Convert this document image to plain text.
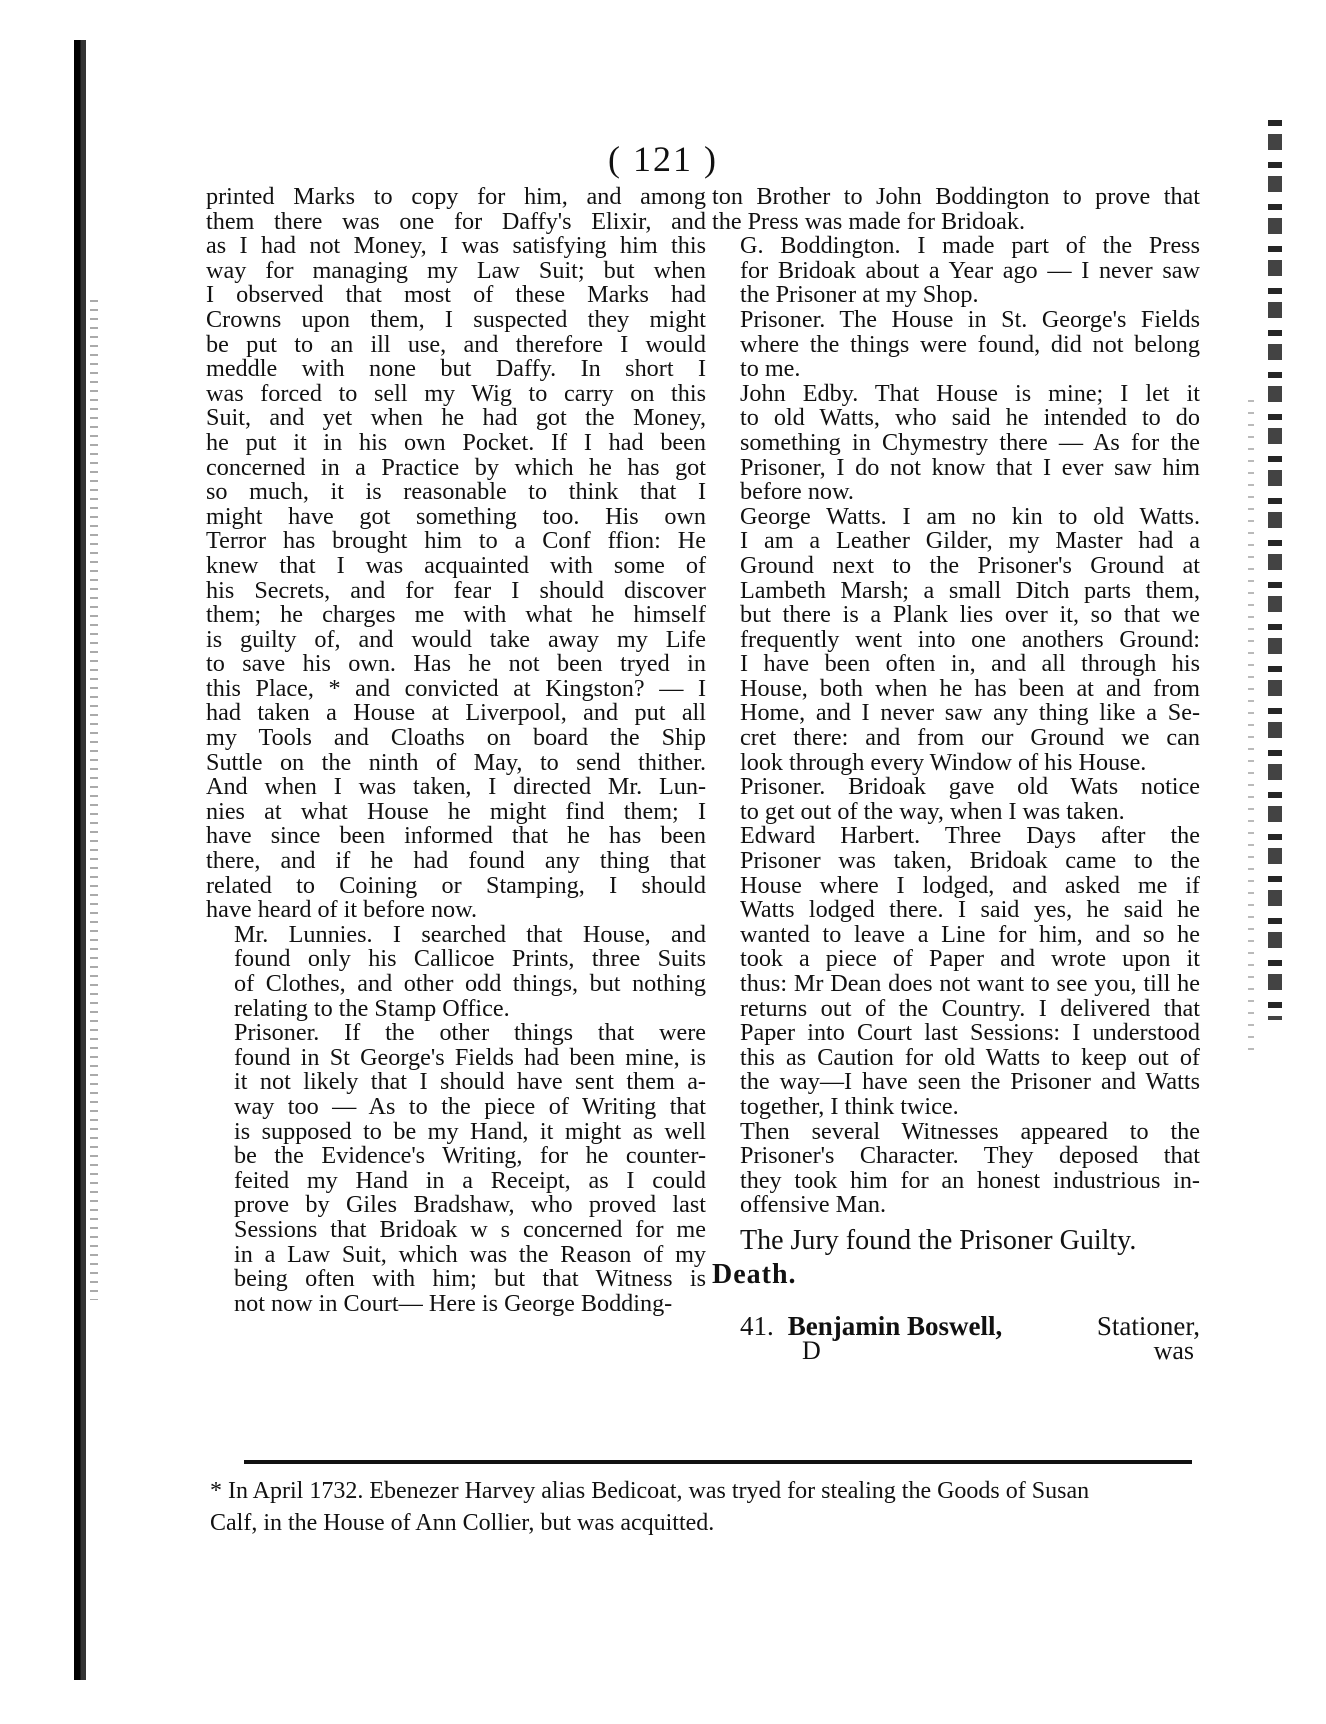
( 121 )

printed Marks to copy for him, and among
them there was one for Daffy's Elixir, and
as I had not Money, I was satisfying him this
way for managing my Law Suit; but when
I observed that most of these Marks had
Crowns upon them, I suspected they might
be put to an ill use, and therefore I would
meddle with none but Daffy. In short I
was forced to sell my Wig to carry on this
Suit, and yet when he had got the Money,
he put it in his own Pocket. If I had been
concerned in a Practice by which he has got
so much, it is reasonable to think that I
might have got something too. His own
Terror has brought him to a Conf ffion: He
knew that I was acquainted with some of
his Secrets, and for fear I should discover
them; he charges me with what he himself
is guilty of, and would take away my Life
to save his own. Has he not been tryed in
this Place, * and convicted at Kingston? — I
had taken a House at Liverpool, and put all
my Tools and Cloaths on board the Ship
Suttle on the ninth of May, to send thither.
And when I was taken, I directed Mr. Lun-
nies at what House he might find them; I
have since been informed that he has been
there, and if he had found any thing that
related to Coining or Stamping, I should
have heard of it before now.

Mr. Lunnies. I searched that House, and
found only his Callicoe Prints, three Suits
of Clothes, and other odd things, but nothing
relating to the Stamp Office.

Prisoner. If the other things that were
found in St George's Fields had been mine, is
it not likely that I should have sent them a-
way too — As to the piece of Writing that
is supposed to be my Hand, it might as well
be the Evidence's Writing, for he counter-
feited my Hand in a Receipt, as I could
prove by Giles Bradshaw, who proved last
Sessions that Bridoak w s concerned for me
in a Law Suit, which was the Reason of my
being often with him; but that Witness is
not now in Court— Here is George Bodding-

ton Brother to John Boddington to prove that
the Press was made for Bridoak.

G. Boddington. I made part of the Press
for Bridoak about a Year ago — I never saw
the Prisoner at my Shop.

Prisoner. The House in St. George's Fields
where the things were found, did not belong
to me.

John Edby. That House is mine; I let it
to old Watts, who said he intended to do
something in Chymestry there — As for the
Prisoner, I do not know that I ever saw him
before now.

George Watts. I am no kin to old Watts.
I am a Leather Gilder, my Master had a
Ground next to the Prisoner's Ground at
Lambeth Marsh; a small Ditch parts them,
but there is a Plank lies over it, so that we
frequently went into one anothers Ground:
I have been often in, and all through his
House, both when he has been at and from
Home, and I never saw any thing like a Se-
cret there: and from our Ground we can
look through every Window of his House.

Prisoner. Bridoak gave old Wats notice
to get out of the way, when I was taken.

Edward Harbert. Three Days after the
Prisoner was taken, Bridoak came to the
House where I lodged, and asked me if
Watts lodged there. I said yes, he said he
wanted to leave a Line for him, and so he
took a piece of Paper and wrote upon it
thus: Mr Dean does not want to see you, till he
returns out of the Country. I delivered that
Paper into Court last Sessions: I understood
this as Caution for old Watts to keep out of
the way—I have seen the Prisoner and Watts
together, I think twice.

Then several Witnesses appeared to the
Prisoner's Character. They deposed that
they took him for an honest industrious in-
offensive Man.

The Jury found the Prisoner Guilty.
Death.
41. Benjamin Boswell,	Stationer,
D	was
* In April 1732. Ebenezer Harvey alias Bedicoat, was tryed for stealing the Goods of Susan
Calf, in the House of Ann Collier, but was acquitted.
